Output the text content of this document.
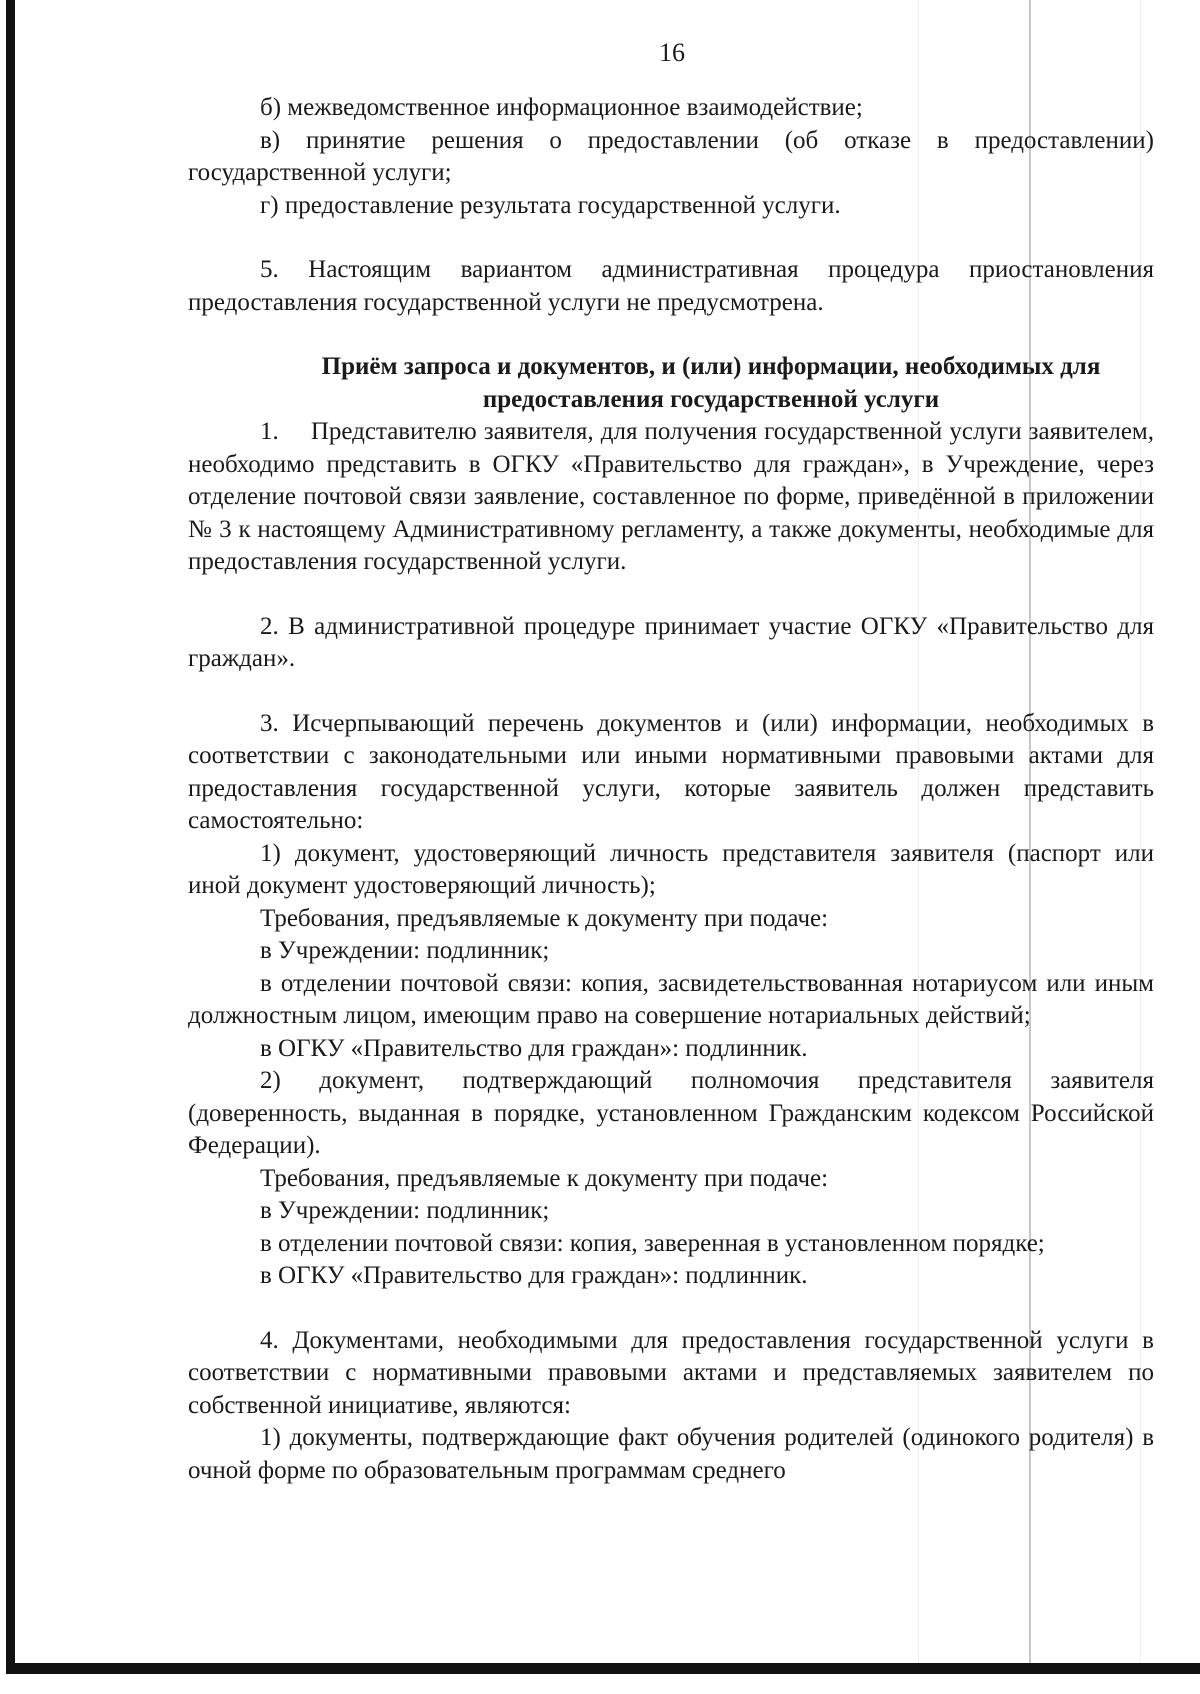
16

б) межведомственное информационное взаимодействие;

в) принятие решения о предоставлении (об отказе в предоставлении) государственной услуги;

г) предоставление результата государственной услуги.

5. Настоящим вариантом административная процедура приостановления предоставления государственной услуги не предусмотрена.

Приём запроса и документов, и (или) информации, необходимых для предоставления государственной услуги

1.  Представителю заявителя, для получения государственной услуги заявителем, необходимо представить в ОГКУ «Правительство для граждан», в Учреждение, через отделение почтовой связи заявление, составленное по форме, приведённой в приложении № 3 к настоящему Административному регламенту, а также документы, необходимые для предоставления государственной услуги.

2. В административной процедуре принимает участие ОГКУ «Правительство для граждан».

3. Исчерпывающий перечень документов и (или) информации, необходимых в соответствии с законодательными или иными нормативными правовыми актами для предоставления государственной услуги, которые заявитель должен представить самостоятельно:

1) документ, удостоверяющий личность представителя заявителя (паспорт или иной документ удостоверяющий личность);

Требования, предъявляемые к документу при подаче:

в Учреждении: подлинник;

в отделении почтовой связи: копия, засвидетельствованная нотариусом или иным должностным лицом, имеющим право на совершение нотариальных действий;

в ОГКУ «Правительство для граждан»: подлинник.

2) документ, подтверждающий полномочия представителя заявителя (доверенность, выданная в порядке, установленном Гражданским кодексом Российской Федерации).

Требования, предъявляемые к документу при подаче:

в Учреждении: подлинник;

в отделении почтовой связи: копия, заверенная в установленном порядке;

в ОГКУ «Правительство для граждан»: подлинник.

4. Документами, необходимыми для предоставления государственной услуги в соответствии с нормативными правовыми актами и представляемых заявителем по собственной инициативе, являются:

1) документы, подтверждающие факт обучения родителей (одинокого родителя) в очной форме по образовательным программам среднего
